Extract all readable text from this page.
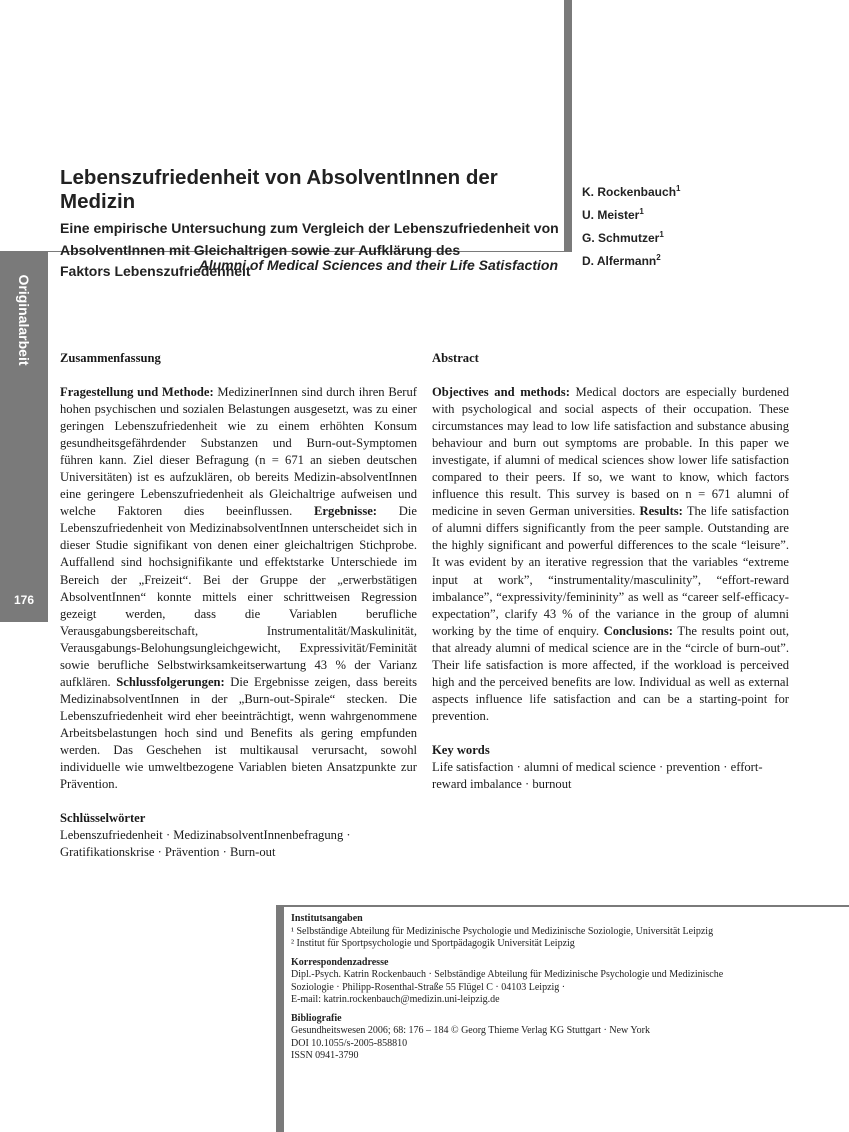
Originalarbeit
176
Lebenszufriedenheit von AbsolventInnen der Medizin

Eine empirische Untersuchung zum Vergleich der Lebenszufriedenheit von
AbsolventInnen mit Gleichaltrigen sowie zur Aufklärung des
Faktors Lebenszufriedenheit

K. Rockenbauch$^1$
U. Meister$^1$
G. Schmutzer$^1$
D. Alfermann$^2$
Alumni of Medical Sciences and their Life Satisfaction
Zusammenfassung

Fragestellung und Methode: MedizinerInnen sind durch ihren Beruf hohen psychischen und sozialen Belastungen ausgesetzt, was zu einer geringen Lebenszufriedenheit wie zu einem erhöhten Konsum gesundheitsgefährdender Substanzen und Burn-out-Symptomen führen kann. Ziel dieser Befragung (n = 671 an sieben deutschen Universitäten) ist es aufzuklären, ob bereits Medizin-absolventInnen eine geringere Lebenszufriedenheit als Gleichaltrige aufweisen und welche Faktoren dies beeinflussen. Ergebnisse: Die Lebenszufriedenheit von MedizinabsolventInnen unterscheidet sich in dieser Studie signifikant von denen einer gleichaltrigen Stichprobe. Auffallend sind hochsignifikante und effektstarke Unterschiede im Bereich der „Freizeit“. Bei der Gruppe der „erwerbstätigen AbsolventInnen“ konnte mittels einer schrittweisen Regression gezeigt werden, dass die Variablen berufliche Verausgabungsbereitschaft, Instrumentalität/Maskulinität, Verausgabungs-Belohungsungleichgewicht, Expressivität/Feminität sowie berufliche Selbstwirksamkeitserwartung 43 % der Varianz aufklären. Schlussfolgerungen: Die Ergebnisse zeigen, dass bereits MedizinabsolventInnen in der „Burn-out-Spirale“ stecken. Die Lebenszufriedenheit wird eher beeinträchtigt, wenn wahrgenommene Arbeitsbelastungen hoch sind und Benefits als gering empfunden werden. Das Geschehen ist multikausal verursacht, sowohl individuelle wie umweltbezogene Variablen bieten Ansatzpunkte zur Prävention.

Schlüsselwörter

Lebenszufriedenheit · MedizinabsolventInnenbefragung · Gratifikationskrise · Prävention · Burn-out

Abstract

Objectives and methods: Medical doctors are especially burdened with psychological and social aspects of their occupation. These circumstances may lead to low life satisfaction and substance abusing behaviour and burn out symptoms are probable. In this paper we investigate, if alumni of medical sciences show lower life satisfaction compared to their peers. If so, we want to know, which factors influence this result. This survey is based on n = 671 alumni of medicine in seven German universities. Results: The life satisfaction of alumni differs significantly from the peer sample. Outstanding are the highly significant and powerful differences to the scale “leisure”. It was evident by an iterative regression that the variables “extreme input at work”, “instrumentality/masculinity”, “effort-reward imbalance”, “expressivity/femininity” as well as “career self-efficacy-expectation”, clarify 43 % of the variance in the group of alumni working by the time of enquiry. Conclusions: The results point out, that already alumni of medical science are in the “circle of burn-out”. Their life satisfaction is more affected, if the workload is perceived high and the perceived benefits are low. Individual as well as external aspects influence life satisfaction and can be a starting-point for prevention.

Key words

Life satisfaction · alumni of medical science · prevention · effort-reward imbalance · burnout

Institutsangaben

¹ Selbständige Abteilung für Medizinische Psychologie und Medizinische Soziologie, Universität Leipzig

² Institut für Sportpsychologie und Sportpädagogik Universität Leipzig

Korrespondenzadresse

Dipl.-Psych. Katrin Rockenbauch · Selbständige Abteilung für Medizinische Psychologie und Medizinische

Soziologie · Philipp-Rosenthal-Straße 55 Flügel C · 04103 Leipzig ·

E-mail: katrin.rockenbauch@medizin.uni-leipzig.de

Bibliografie

Gesundheitswesen 2006; 68: 176 – 184 © Georg Thieme Verlag KG Stuttgart · New York

DOI 10.1055/s-2005-858810

ISSN 0941-3790
